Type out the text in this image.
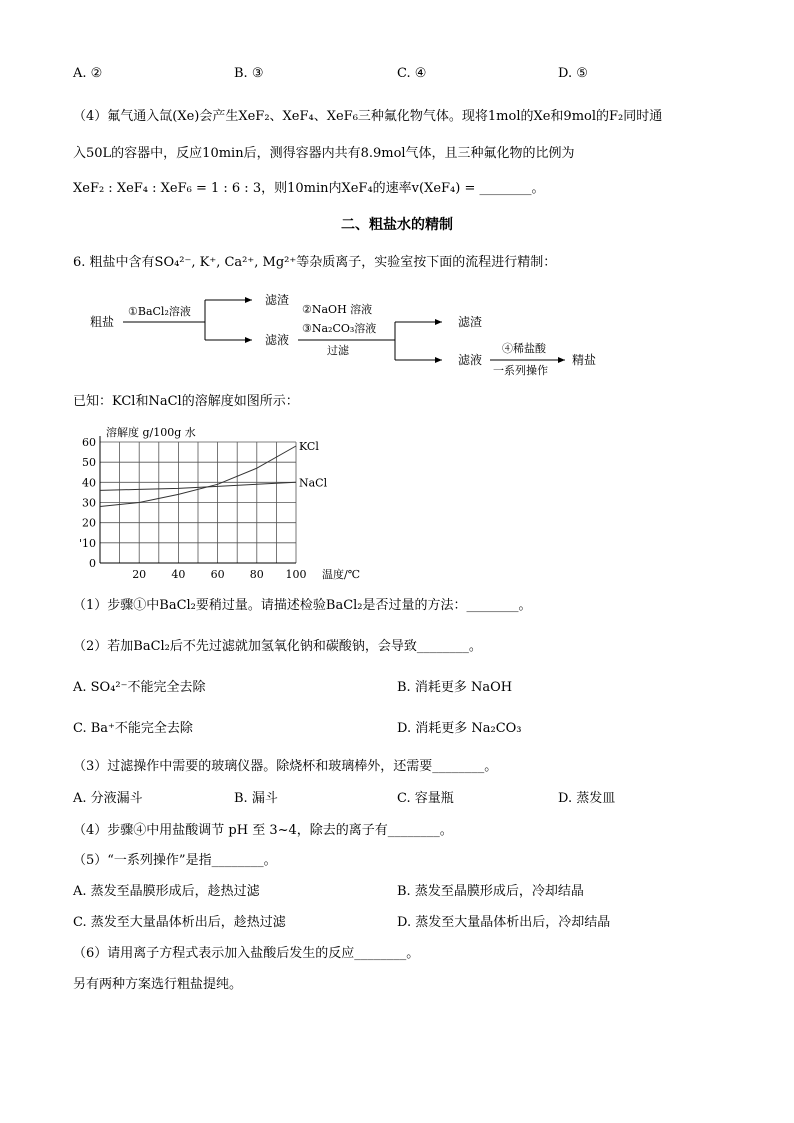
A. ②	B. ③	C. ④	D. ⑤
（4）氟气通入氙(Xe)会产生XeF₂、XeF₄、XeF₆三种氟化物气体。现将1mol的Xe和9mol的F₂同时通
入50L的容器中，反应10min后，测得容器内共有8.9mol气体，且三种氟化物的比例为
XeF₂ : XeF₄ : XeF₆ = 1 : 6 : 3，则10min内XeF₄的速率v(XeF₄) = ________。
二、粗盐水的精制
6. 粗盐中含有SO₄²⁻, K⁺, Ca²⁺, Mg²⁺等杂质离子，实验室按下面的流程进行精制：
粗盐
①BaCl₂溶液
滤渣
滤液
②NaOH 溶液
③Na₂CO₃溶液
过滤
滤渣
滤液
④稀盐酸
一系列操作
精盐
已知：KCl和NaCl的溶解度如图所示：
0
'10
20
30
40
50
60
20 40 60 80 100
溶解度 g/100g 水
温度/℃
KCl
NaCl
（1）步骤①中BaCl₂要稍过量。请描述检验BaCl₂是否过量的方法：________。
（2）若加BaCl₂后不先过滤就加氢氧化钠和碳酸钠，会导致________。
A. SO₄²⁻不能完全去除	B. 消耗更多 NaOH
C. Ba⁺不能完全去除	D. 消耗更多 Na₂CO₃
（3）过滤操作中需要的玻璃仪器。除烧杯和玻璃棒外，还需要________。
A. 分液漏斗	B. 漏斗	C. 容量瓶	D. 蒸发皿
（4）步骤④中用盐酸调节 pH 至 3~4，除去的离子有________。
（5）“一系列操作”是指________。
A. 蒸发至晶膜形成后，趁热过滤	B. 蒸发至晶膜形成后，冷却结晶
C. 蒸发至大量晶体析出后，趁热过滤	D. 蒸发至大量晶体析出后，冷却结晶
（6）请用离子方程式表示加入盐酸后发生的反应________。
另有两种方案选行粗盐提纯。
